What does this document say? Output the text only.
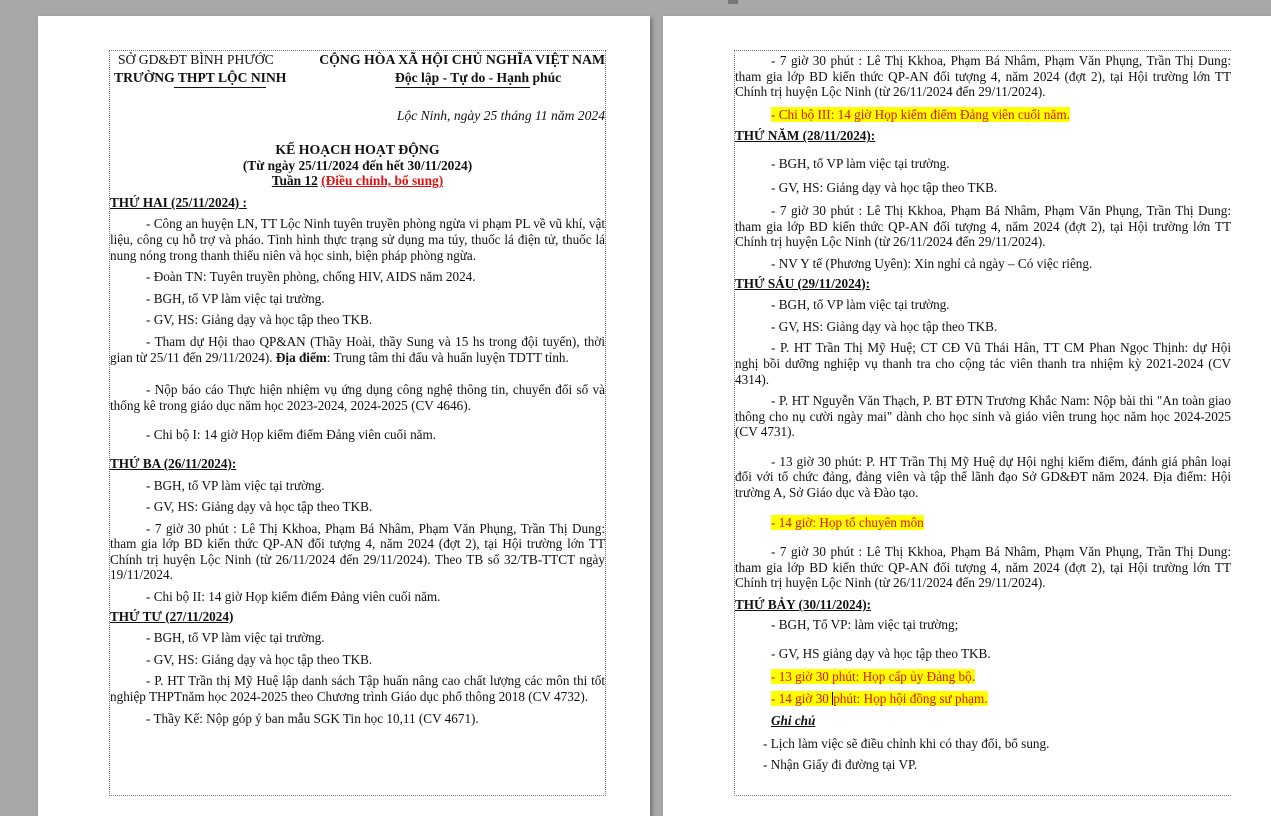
SỞ GD&ĐT BÌNH PHƯỚC
TRƯỜNG THPT LỘC NINH
CỘNG HÒA XÃ HỘI CHỦ NGHĨA VIỆT NAM
Độc lập - Tự do - Hạnh phúc
Lộc Ninh, ngày 25 tháng 11 năm 2024
KẾ HOẠCH HOẠT ĐỘNG
(Từ ngày 25/11/2024 đến hết 30/11/2024)
Tuần 12 (Điều chỉnh, bổ sung)

THỨ HAI (25/11/2024) :

- Công an huyện LN, TT Lộc Ninh tuyên truyền phòng ngừa vi phạm PL về vũ khí, vật liệu, công cụ hỗ trợ và pháo. Tình hình thực trạng sử dụng ma túy, thuốc lá điện tử, thuốc lá nung nóng trong thanh thiếu niên và học sinh, biện pháp phòng ngừa.

- Đoàn TN: Tuyên truyền phòng, chống HIV, AIDS năm 2024.

- BGH, tổ VP làm việc tại trường.

- GV, HS: Giảng dạy và học tập theo TKB.

- Tham dự Hội thao QP&AN (Thầy Hoài, thầy Sung và 15 hs trong đội tuyển), thời gian từ 25/11 đến 29/11/2024). Địa điểm: Trung tâm thi đấu và huấn luyện TDTT tỉnh.

- Nộp báo cáo Thực hiện nhiệm vụ ứng dụng công nghệ thông tin, chuyển đổi số và thống kê trong giáo dục năm học 2023-2024, 2024-2025 (CV 4646).

- Chi bộ I: 14 giờ Họp kiểm điểm Đảng viên cuối năm.

THỨ BA (26/11/2024):

- BGH, tổ VP làm việc tại trường.

- GV, HS: Giảng dạy và học tập theo TKB.

- 7 giờ 30 phút : Lê Thị Kkhoa, Phạm Bá Nhâm, Phạm Văn Phụng, Trần Thị Dung: tham gia lớp BD kiến thức QP-AN đối tượng 4, năm 2024 (đợt 2), tại Hội trường lớn TT Chính trị huyện Lộc Ninh (từ 26/11/2024 đến 29/11/2024). Theo TB số 32/TB-TTCT ngày 19/11/2024.

- Chi bộ II: 14 giờ Họp kiểm điểm Đảng viên cuối năm.

THỨ TƯ (27/11/2024)

- BGH, tổ VP làm việc tại trường.

- GV, HS: Giảng dạy và học tập theo TKB.

- P. HT Trần thị Mỹ Huệ lập danh sách Tập huấn nâng cao chất lượng các môn thi tốt nghiệp THPTnăm học 2024-2025 theo Chương trình Giáo dục phổ thông 2018 (CV 4732).

- Thầy Kế: Nộp góp ý ban mẫu SGK Tin học 10,11 (CV 4671).

- 7 giờ 30 phút : Lê Thị Kkhoa, Phạm Bá Nhâm, Phạm Văn Phụng, Trần Thị Dung: tham gia lớp BD kiến thức QP-AN đối tượng 4, năm 2024 (đợt 2), tại Hội trường lớn TT Chính trị huyện Lộc Ninh (từ 26/11/2024 đến 29/11/2024).

- Chi bộ III: 14 giờ Họp kiểm điểm Đảng viên cuối năm.

THỨ NĂM (28/11/2024):

- BGH, tổ VP làm việc tại trường.

- GV, HS: Giảng dạy và học tập theo TKB.

- 7 giờ 30 phút : Lê Thị Kkhoa, Phạm Bá Nhâm, Phạm Văn Phụng, Trần Thị Dung: tham gia lớp BD kiến thức QP-AN đối tượng 4, năm 2024 (đợt 2), tại Hội trường lớn TT Chính trị huyện Lộc Ninh (từ 26/11/2024 đến 29/11/2024).

- NV Y tế (Phương Uyên): Xin nghỉ cả ngày – Có việc riêng.

THỨ SÁU (29/11/2024):

- BGH, tổ VP làm việc tại trường.

- GV, HS: Giảng dạy và học tập theo TKB.

- P. HT Trần Thị Mỹ Huệ; CT CĐ Vũ Thái Hân, TT CM Phan Ngọc Thịnh: dự Hội nghị bồi dưỡng nghiệp vụ thanh tra cho cộng tác viên thanh tra nhiệm kỳ 2021-2024 (CV 4314).

- P. HT Nguyễn Văn Thạch, P. BT ĐTN Trương Khắc Nam: Nộp bài thi "An toàn giao thông cho nụ cười ngày mai" dành cho học sinh và giáo viên trung học năm học 2024-2025 (CV 4731).

- 13 giờ 30 phút: P. HT Trần Thị Mỹ Huệ dự Hội nghị kiểm điểm, đánh giá phân loại đối với tổ chức đảng, đảng viên và tập thể lãnh đạo Sở GD&ĐT năm 2024. Địa điểm: Hội trường A, Sở Giáo dục và Đào tạo.

- 14 giờ: Họp tổ chuyên môn

- 7 giờ 30 phút : Lê Thị Kkhoa, Phạm Bá Nhâm, Phạm Văn Phụng, Trần Thị Dung: tham gia lớp BD kiến thức QP-AN đối tượng 4, năm 2024 (đợt 2), tại Hội trường lớn TT Chính trị huyện Lộc Ninh (từ 26/11/2024 đến 29/11/2024).

THỨ BẢY (30/11/2024):

- BGH, Tổ VP: làm việc tại trường;

- GV, HS giảng dạy và học tập theo TKB.

- 13 giờ 30 phút: Họp cấp ủy Đảng bộ.

- 14 giờ 30 phút: Họp hội đồng sư phạm.

Ghi chú

- Lịch làm việc sẽ điều chỉnh khi có thay đổi, bổ sung.

- Nhận Giấy đi đường tại VP.
